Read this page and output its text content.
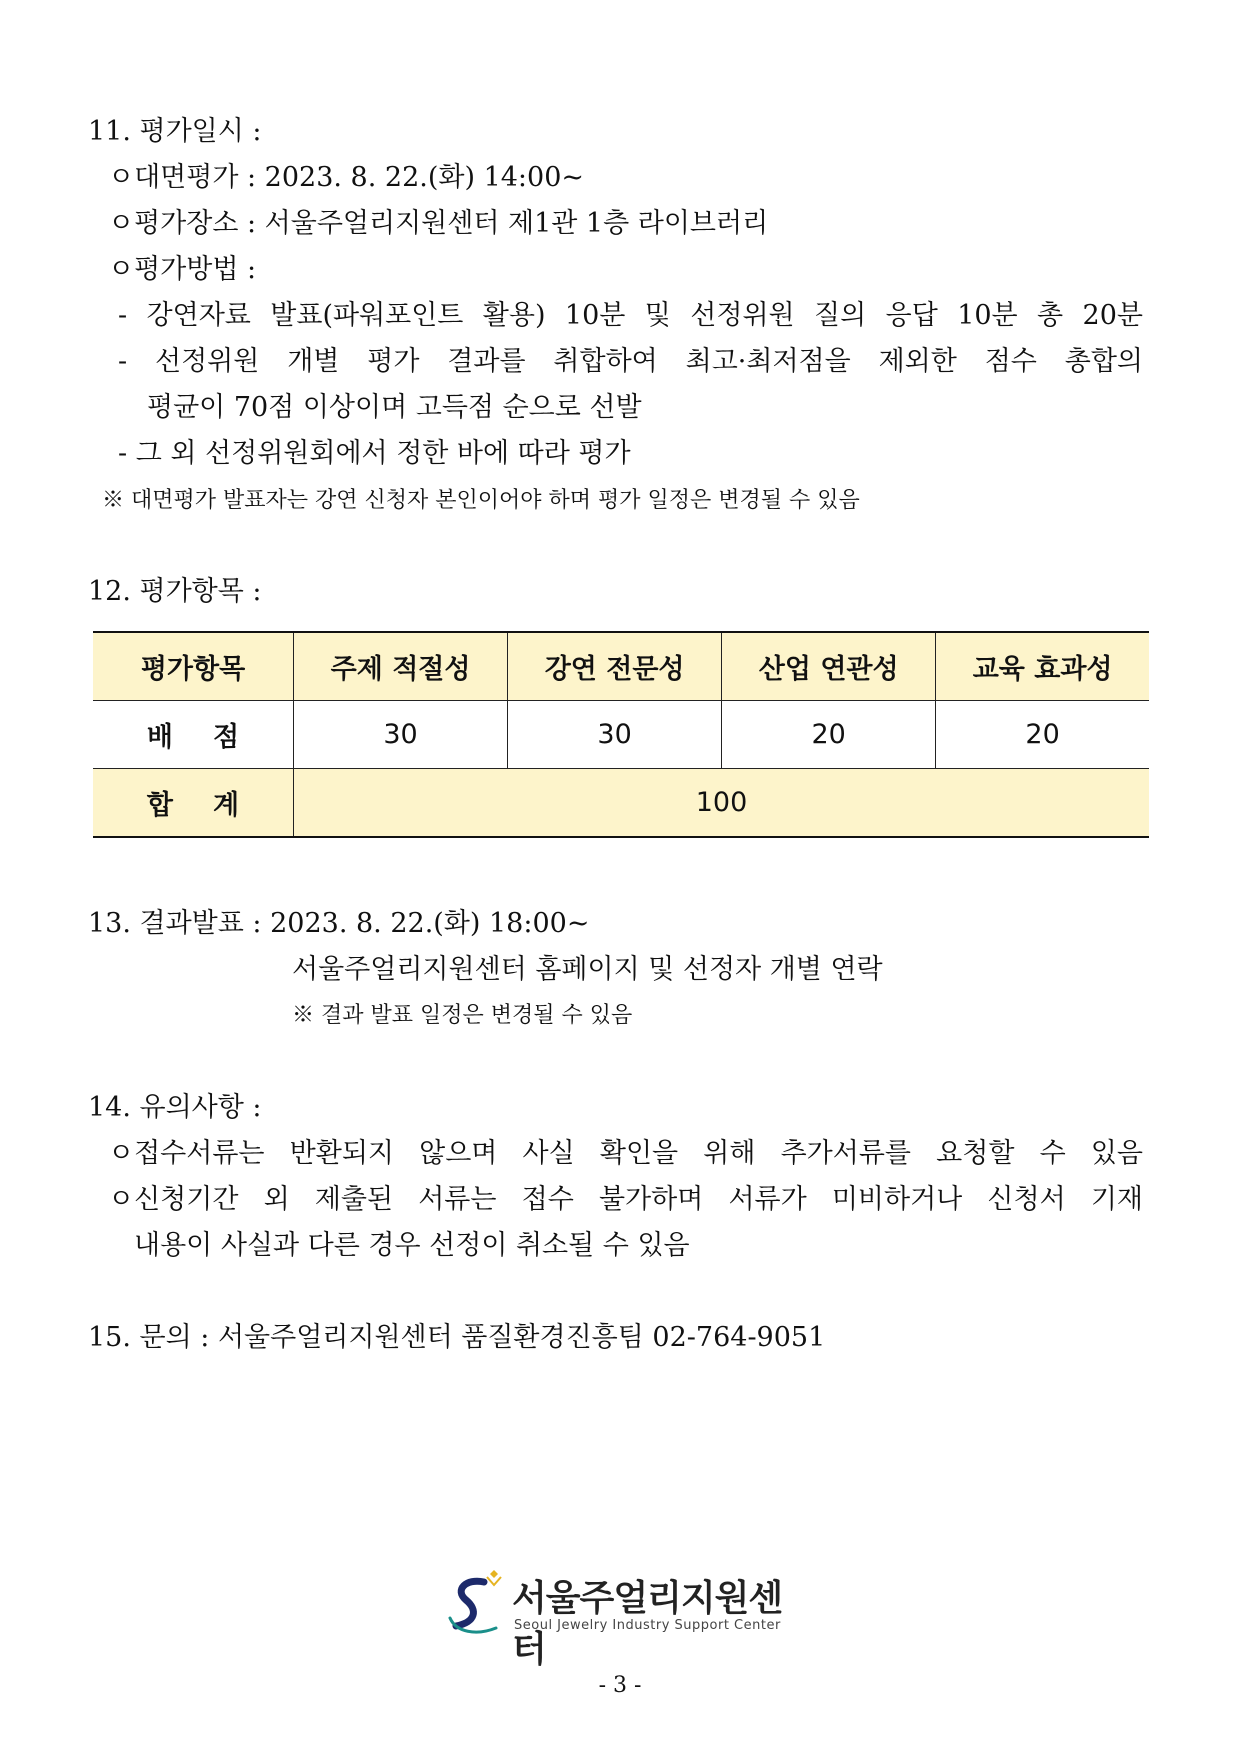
11. 평가일시 :
ㅇ대면평가 : 2023. 8. 22.(화) 14:00~
ㅇ평가장소 : 서울주얼리지원센터 제1관 1층 라이브러리
ㅇ평가방법 :
- 강연자료 발표(파워포인트 활용) 10분 및 선정위원 질의 응답 10분 총 20분
- 선정위원 개별 평가 결과를 취합하여 최고·최저점을 제외한 점수 총합의
평균이 70점 이상이며 고득점 순으로 선발
- 그 외 선정위원회에서 정한 바에 따라 평가
※ 대면평가 발표자는 강연 신청자 본인이어야 하며 평가 일정은 변경될 수 있음
12. 평가항목 :
평가항목	주제 적절성	강연 전문성	산업 연관성	교육 효과성
배점	30	30	20	20
합계	100			
13. 결과발표 : 2023. 8. 22.(화) 18:00~
서울주얼리지원센터 홈페이지 및 선정자 개별 연락
※ 결과 발표 일정은 변경될 수 있음
14. 유의사항 :
ㅇ접수서류는 반환되지 않으며 사실 확인을 위해 추가서류를 요청할 수 있음
ㅇ신청기간 외 제출된 서류는 접수 불가하며 서류가 미비하거나 신청서 기재
내용이 사실과 다른 경우 선정이 취소될 수 있음
15. 문의 : 서울주얼리지원센터 품질환경진흥팀 02-764-9051
서울주얼리지원센터
Seoul Jewelry Industry Support Center
- 3 -
